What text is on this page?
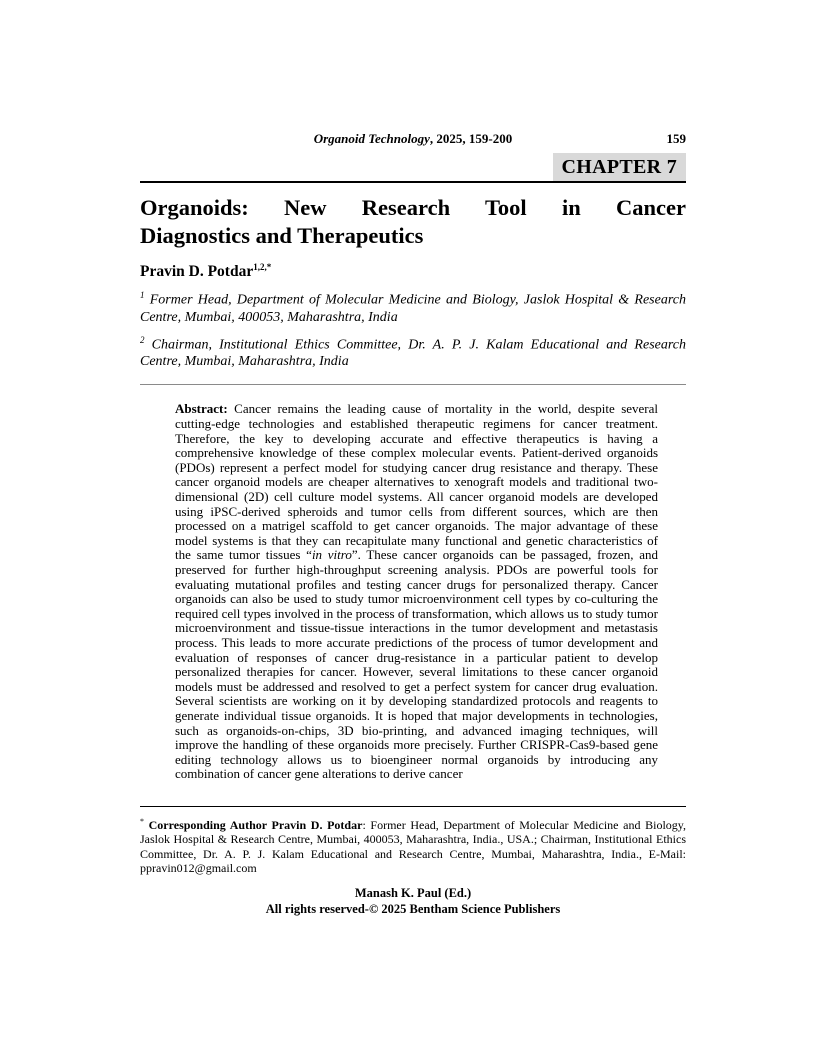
Organoid Technology, 2025, 159-200	159
CHAPTER 7
Organoids: New Research Tool in Cancer
Diagnostics and Therapeutics
Pravin D. Potdar$^{1,2,*}$
$^1$ Former Head, Department of Molecular Medicine and Biology, Jaslok Hospital & Research Centre, Mumbai, 400053, Maharashtra, India
$^2$ Chairman, Institutional Ethics Committee, Dr. A. P. J. Kalam Educational and Research Centre, Mumbai, Maharashtra, India
Abstract: Cancer remains the leading cause of mortality in the world, despite several cutting-edge technologies and established therapeutic regimens for cancer treatment. Therefore, the key to developing accurate and effective therapeutics is having a comprehensive knowledge of these complex molecular events. Patient-derived organoids (PDOs) represent a perfect model for studying cancer drug resistance and therapy. These cancer organoid models are cheaper alternatives to xenograft models and traditional two-dimensional (2D) cell culture model systems. All cancer organoid models are developed using iPSC-derived spheroids and tumor cells from different sources, which are then processed on a matrigel scaffold to get cancer organoids. The major advantage of these model systems is that they can recapitulate many functional and genetic characteristics of the same tumor tissues “in vitro”. These cancer organoids can be passaged, frozen, and preserved for further high-throughput screening analysis. PDOs are powerful tools for evaluating mutational profiles and testing cancer drugs for personalized therapy. Cancer organoids can also be used to study tumor microenvironment cell types by co-culturing the required cell types involved in the process of transformation, which allows us to study tumor microenvironment and tissue-tissue interactions in the tumor development and metastasis process. This leads to more accurate predictions of the process of tumor development and evaluation of responses of cancer drug-resistance in a particular patient to develop personalized therapies for cancer. However, several limitations to these cancer organoid models must be addressed and resolved to get a perfect system for cancer drug evaluation. Several scientists are working on it by developing standardized protocols and reagents to generate individual tissue organoids. It is hoped that major developments in technologies, such as organoids-on-chips, 3D bio-printing, and advanced imaging techniques, will improve the handling of these organoids more precisely. Further CRISPR-Cas9-based gene editing technology allows us to bioengineer normal organoids by introducing any combination of cancer gene alterations to derive cancer
* Corresponding Author Pravin D. Potdar: Former Head, Department of Molecular Medicine and Biology, Jaslok Hospital & Research Centre, Mumbai, 400053, Maharashtra, India., USA.; Chairman, Institutional Ethics Committee, Dr. A. P. J. Kalam Educational and Research Centre, Mumbai, Maharashtra, India., E-Mail: ppravin012@gmail.com
Manash K. Paul (Ed.)
All rights reserved-© 2025 Bentham Science Publishers
